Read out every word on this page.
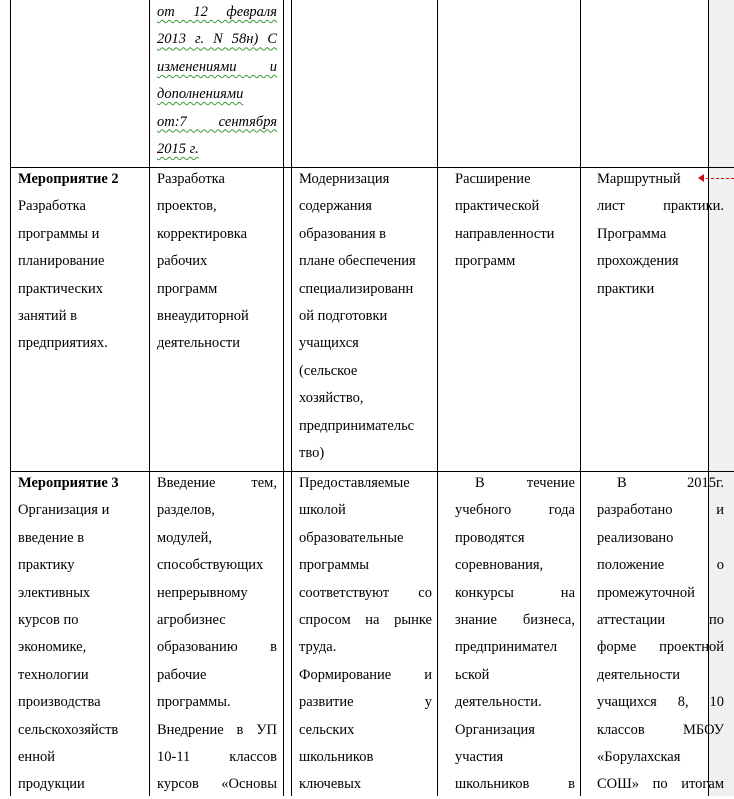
от 12 февраля

2013 г. N 58н) С

изменениями и

дополнениями

от:7 сентября

2015 г.

Мероприятие 2

Разработка

программы и

планирование

практических

занятий в

предприятиях.

Разработка

проектов,

корректировка

рабочих

программ

внеаудиторной

деятельности

Модернизация

содержания

образования в

плане обеспечения

специализированн

ой подготовки

учащихся

(сельское

хозяйство,

предпринимательс

тво)

Расширение

практической

направленности

программ

Маршрутный

лист практики.

Программа

прохождения

практики

Мероприятие 3

Организация и

введение в

практику

элективных

курсов по

экономике,

технологии

производства

сельскохозяйств

енной

продукции

Введение тем,

разделов,

модулей,

способствующих

непрерывному

агробизнес

образованию в

рабочие

программы.

Внедрение в УП

10-11 классов

курсов «Основы

Предоставляемые

школой

образовательные

программы

соответствуют со

спросом на рынке

труда.

Формирование и

развитие у

сельских

школьников

ключевых

В течение

учебного года

проводятся

соревнования,

конкурсы на

знание бизнеса,

предпринимател

ьской

деятельности.

Организация

участия

школьников в

В 2015г.

разработано и

реализовано

положение о

промежуточной

аттестации по

форме проектной

деятельности

учащихся 8, 10

классов МБОУ

«Борулахская

СОШ» по итогам
